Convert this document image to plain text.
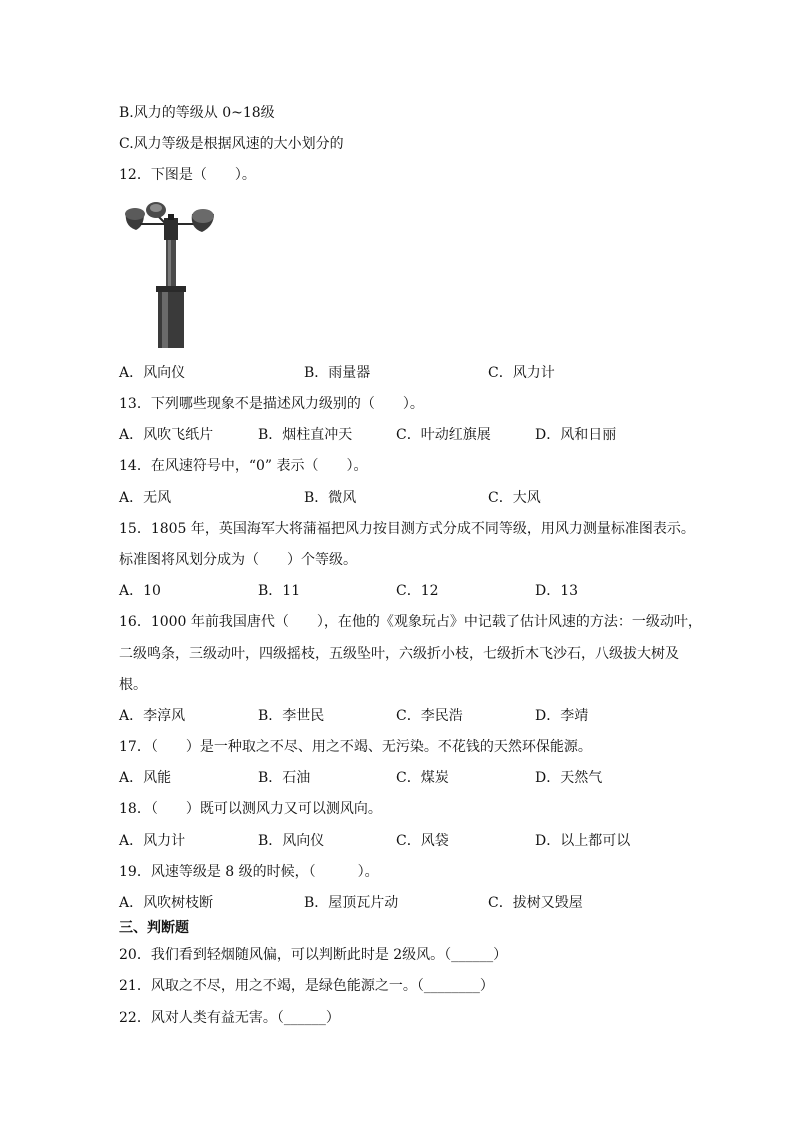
B.风力的等级从 0~18级
C.风力等级是根据风速的大小划分的
12．下图是（　　）。
A．风向仪	B．雨量器	C．风力计
13．下列哪些现象不是描述风力级别的（　　）。
A．风吹飞纸片	B．烟柱直冲天	C．叶动红旗展	D．风和日丽
14．在风速符号中，“0” 表示（　　）。
A．无风	B．微风	C．大风
15．1805 年，英国海军大将蒲福把风力按目测方式分成不同等级，用风力测量标准图表示。
标准图将风划分成为（　　）个等级。
A．10	B．11	C．12	D．13
16．1000 年前我国唐代（　　），在他的《观象玩占》中记载了估计风速的方法：一级动叶，
二级鸣条，三级动叶，四级摇枝，五级坠叶，六级折小枝，七级折木飞沙石，八级拔大树及
根。
A．李淳风	B．李世民	C．李民浩	D．李靖
17．（　　）是一种取之不尽、用之不竭、无污染。不花钱的天然环保能源。
A．风能	B．石油	C．煤炭	D．天然气
18．（　　）既可以测风力又可以测风向。
A．风力计	B．风向仪	C．风袋	D．以上都可以
19．风速等级是 8 级的时候，（　　　）。
A．风吹树枝断	B．屋顶瓦片动	C．拔树又毁屋
三、判断题
20．我们看到轻烟随风偏，可以判断此时是 2级风。（______）
21．风取之不尽，用之不竭，是绿色能源之一。（________）
22．风对人类有益无害。（______）
